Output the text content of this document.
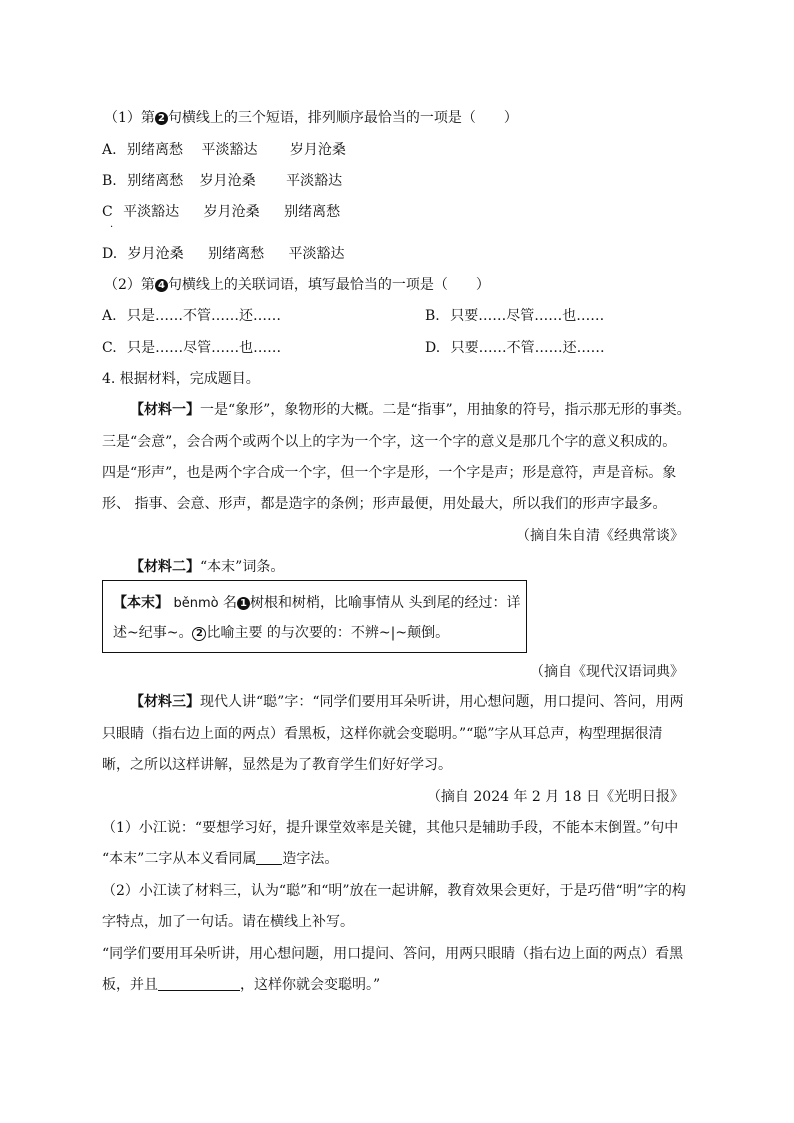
（1）第 2 句横线上的三个短语，排列顺序最恰当的一项是（　　）
A. 别绪离愁 平淡豁达 岁月沧桑
B. 别绪离愁 岁月沧桑 平淡豁达
C 平淡豁达 岁月沧桑 别绪离愁
·
D. 岁月沧桑 别绪离愁 平淡豁达
（2）第 4 句横线上的关联词语，填写最恰当的一项是（　　）
A. 只是……不管……还……	B. 只要……尽管……也……
C. 只是……尽管……也……	D. 只要……不管……还……
4. 根据材料，完成题目。
【材料一】一是“象形”，象物形的大概。二是“指事”，用抽象的符号，指示那无形的事类。
三是“会意”，会合两个或两个以上的字为一个字，这一个字的意义是那几个字的意义积成的。
四是“形声”，也是两个字合成一个字，但一个字是形，一个字是声；形是意符，声是音标。象
形、 指事、会意、形声，都是造字的条例；形声最便，用处最大，所以我们的形声字最多。
（摘自朱自清《经典常谈》
【材料二】“本末”词条。
【本末】 běnmò 名 1 树根和树梢，比喻事情从 头到尾的经过：详
述~纪事~。 2 比喻主要 的与次要的：不辨~|~颠倒。
（摘自《现代汉语词典》
【材料三】现代人讲“聪”字：“同学们要用耳朵听讲，用心想问题，用口提问、答问，用两
只眼睛（指右边上面的两点）看黑板，这样你就会变聪明。”“聪”字从耳总声，构型理据很清
晰，之所以这样讲解，显然是为了教育学生们好好学习。
（摘自 2024 年 2 月 18 日《光明日报》
（1）小江说：“要想学习好，提升课堂效率是关键，其他只是辅助手段，不能本末倒置。”句中
“本末”二字从本义看同属 造字法。
（2）小江读了材料三，认为“聪”和“明”放在一起讲解，教育效果会更好，于是巧借“明”字的构
字特点，加了一句话。请在横线上补写。
“同学们要用耳朵听讲，用心想问题，用口提问、答问，用两只眼睛（指右边上面的两点）看黑
板，并且	，这样你就会变聪明。”
